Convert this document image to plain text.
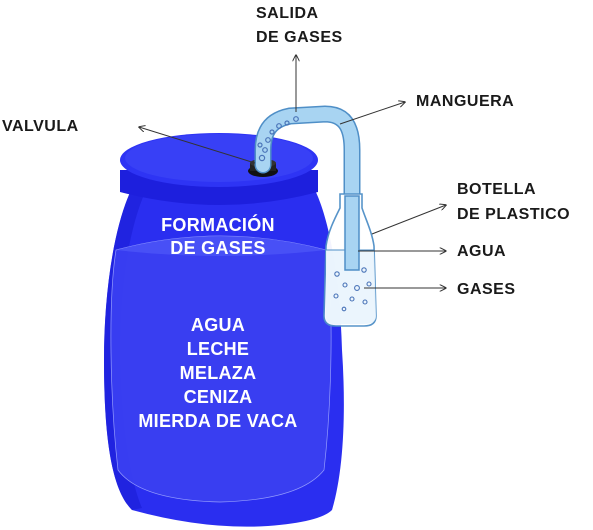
SALIDA
DE GASES
MANGUERA
VALVULA
BOTELLA
DE PLASTICO
AGUA
GASES
FORMACIÓN
DE GASES
AGUA
LECHE
MELAZA
CENIZA
MIERDA DE VACA
